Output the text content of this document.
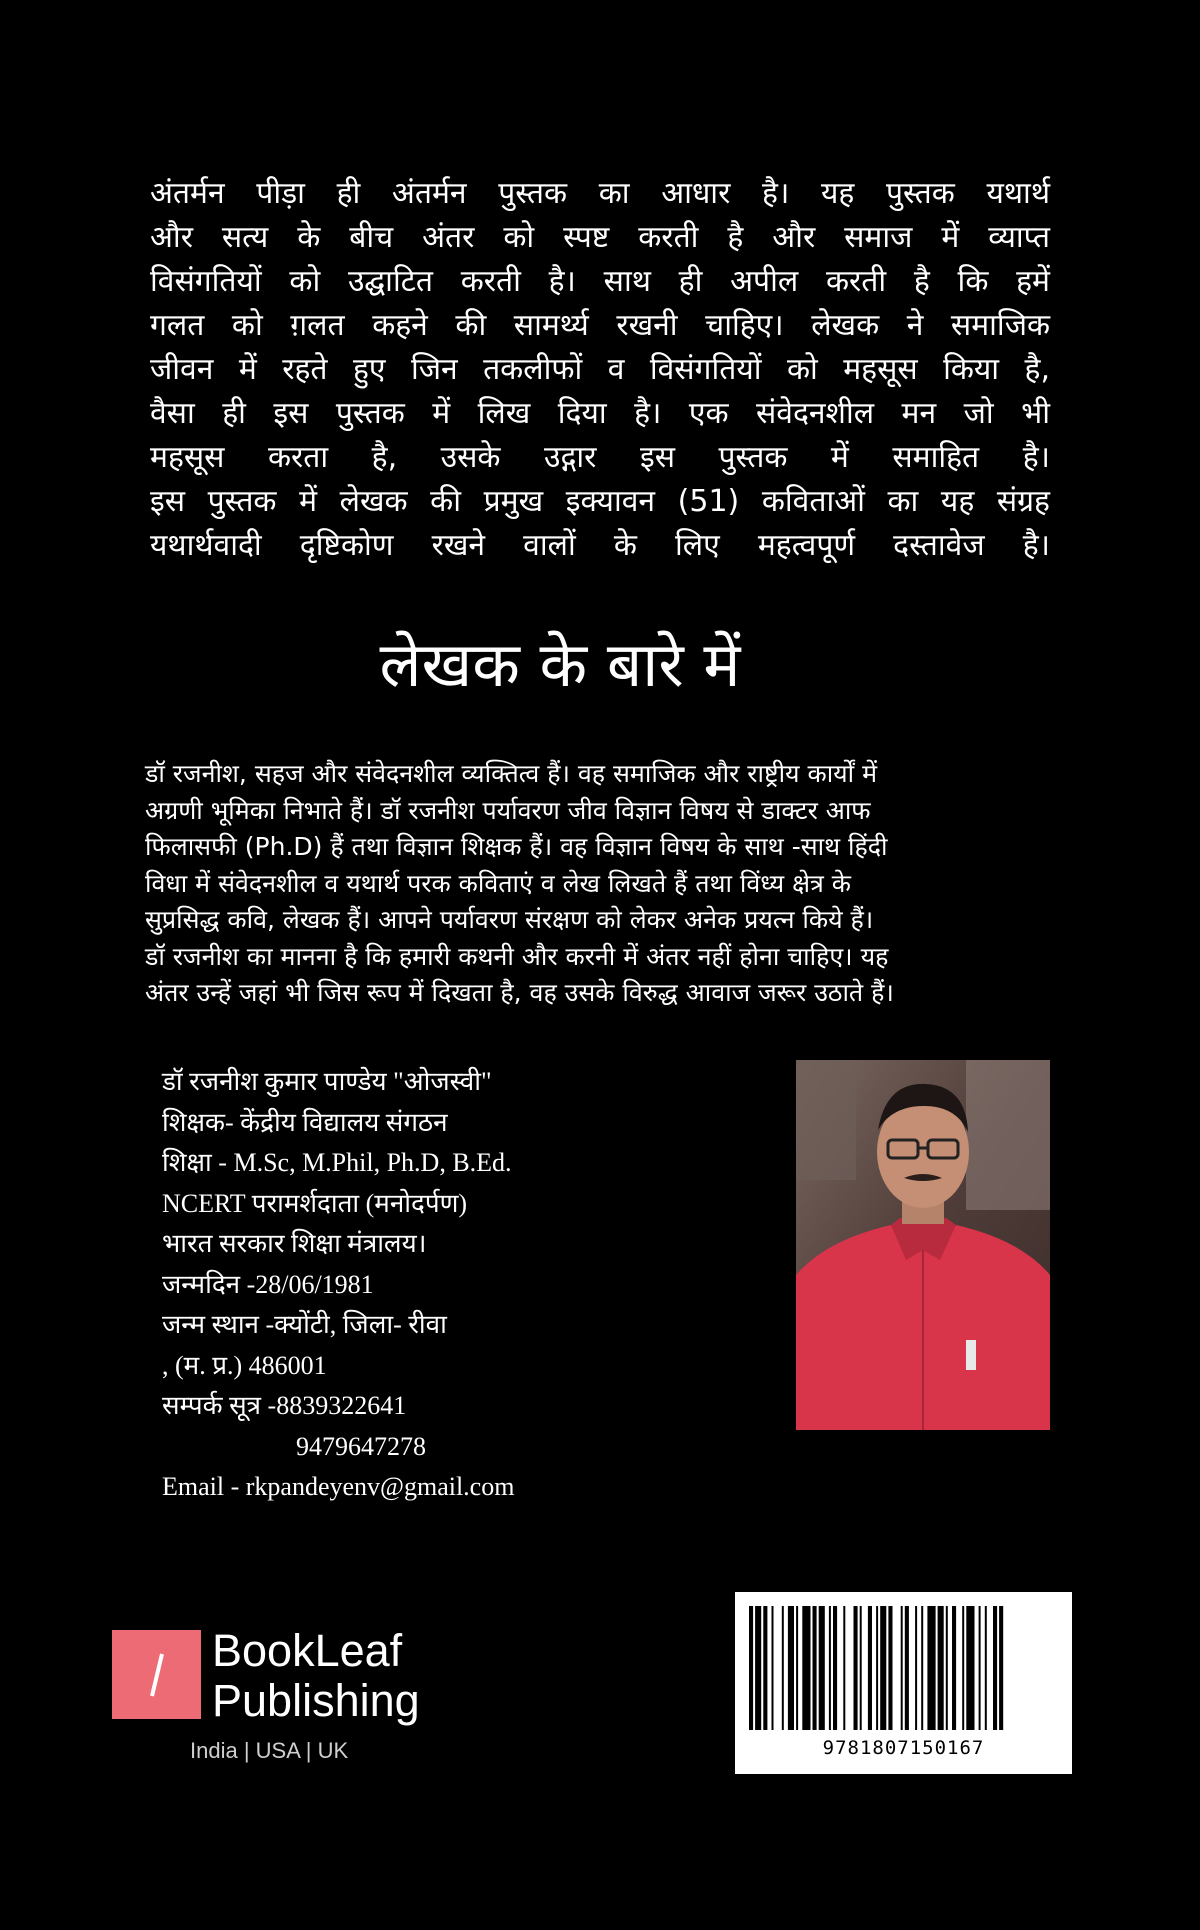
अंतर्मन पीड़ा ही अंतर्मन पुस्तक का आधार है। यह पुस्तक यथार्थ
और सत्य के बीच अंतर को स्पष्ट करती है और समाज में व्याप्त
विसंगतियों को उद्घाटित करती है। साथ ही अपील करती है कि हमें
गलत को ग़लत कहने की सामर्थ्य रखनी चाहिए। लेखक ने समाजिक
जीवन में रहते हुए जिन तकलीफों व विसंगतियों को महसूस किया है,
वैसा ही इस पुस्तक में लिख दिया है। एक संवेदनशील मन जो भी
महसूस करता है, उसके उद्गार इस पुस्तक में समाहित है।
इस पुस्तक में लेखक की प्रमुख इक्यावन (51) कविताओं का यह संग्रह
यथार्थवादी दृष्टिकोण रखने वालों के लिए महत्वपूर्ण दस्तावेज है।
लेखक के बारे में
डॉ रजनीश, सहज और संवेदनशील व्यक्तित्व हैं। वह समाजिक और राष्ट्रीय कार्यों में
अग्रणी भूमिका निभाते हैं। डॉ रजनीश पर्यावरण जीव विज्ञान विषय से डाक्टर आफ
फिलासफी (Ph.D) हैं तथा विज्ञान शिक्षक हैं। वह विज्ञान विषय के साथ -साथ हिंदी
विधा में संवेदनशील व यथार्थ परक कविताएं व लेख लिखते हैं तथा विंध्य क्षेत्र के
सुप्रसिद्ध कवि, लेखक हैं। आपने पर्यावरण संरक्षण को लेकर अनेक प्रयत्न किये हैं।
डॉ रजनीश का मानना है कि हमारी कथनी और करनी में अंतर नहीं होना चाहिए। यह
अंतर उन्हें जहां भी जिस रूप में दिखता है, वह उसके विरुद्ध आवाज जरूर उठाते हैं।
डॉ रजनीश कुमार पाण्डेय "ओजस्वी"
शिक्षक- केंद्रीय विद्यालय संगठन
शिक्षा - M.Sc, M.Phil, Ph.D, B.Ed.
NCERT परामर्शदाता (मनोदर्पण)
भारत सरकार शिक्षा मंत्रालय।
जन्मदिन -28/06/1981
जन्म स्थान -क्योंटी, जिला- रीवा
, (म. प्र.) 486001
सम्पर्क सूत्र -8839322641
9479647278
Email - rkpandeyenv@gmail.com
BookLeaf
Publishing
India | USA | UK	9781807150167
